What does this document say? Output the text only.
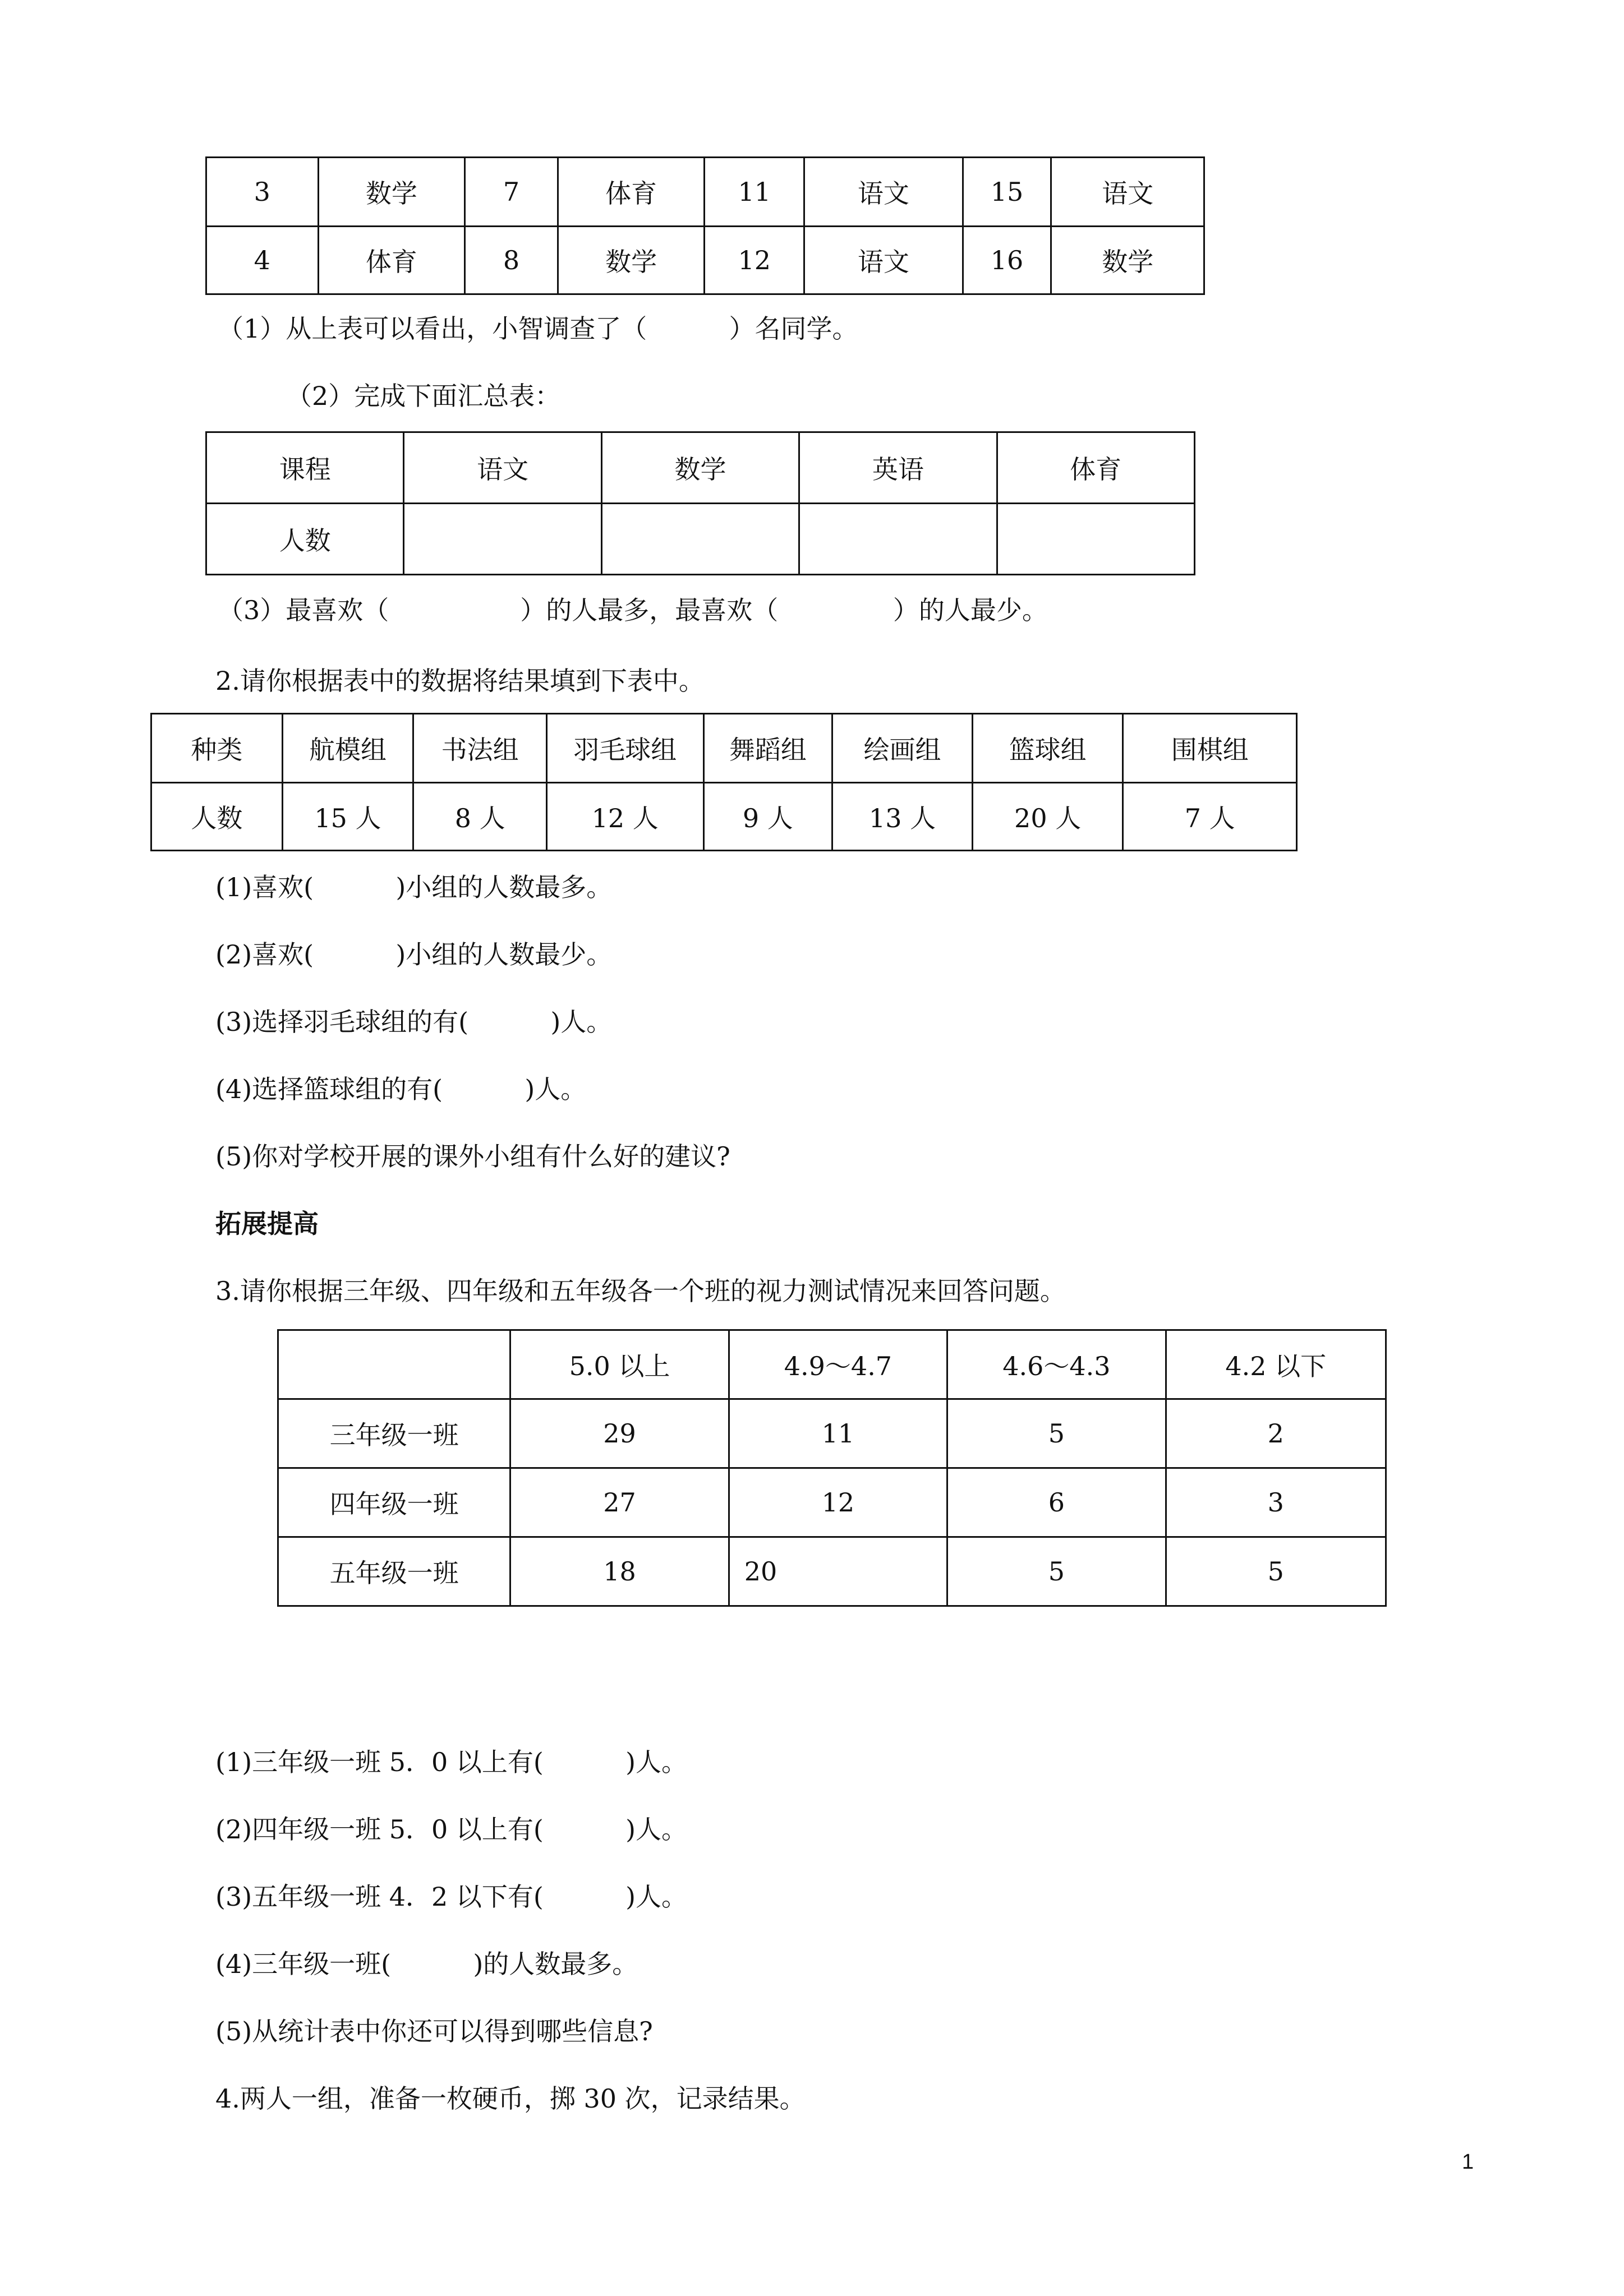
3	数学	7	体育	11	语文	15	语文
4	体育	8	数学	12	语文	16	数学
（1）从上表可以看出，小智调查了（          ）名同学。
（2）完成下面汇总表：
课程	语文	数学	英语	体育
人数				
（3）最喜欢（                ）的人最多，最喜欢（              ）的人最少。
2.请你根据表中的数据将结果填到下表中。
种类	航模组	书法组	羽毛球组	舞蹈组	绘画组	篮球组	围棋组
人数	15 人	8 人	12 人	9 人	13 人	20 人	7 人
(1)喜欢(          )小组的人数最多。
(2)喜欢(          )小组的人数最少。
(3)选择羽毛球组的有(          )人。
(4)选择篮球组的有(          )人。
(5)你对学校开展的课外小组有什么好的建议?
拓展提高
3.请你根据三年级、四年级和五年级各一个班的视力测试情况来回答问题。
	5.0 以上	4.9～4.7	4.6～4.3	4.2 以下
三年级一班	29	11	5	2
四年级一班	27	12	6	3
五年级一班	18	20	5	5
(1)三年级一班 5．0 以上有(          )人。
(2)四年级一班 5．0 以上有(          )人。
(3)五年级一班 4．2 以下有(          )人。
(4)三年级一班(          )的人数最多。
(5)从统计表中你还可以得到哪些信息?
4.两人一组，准备一枚硬币，掷 30 次，记录结果。
1
